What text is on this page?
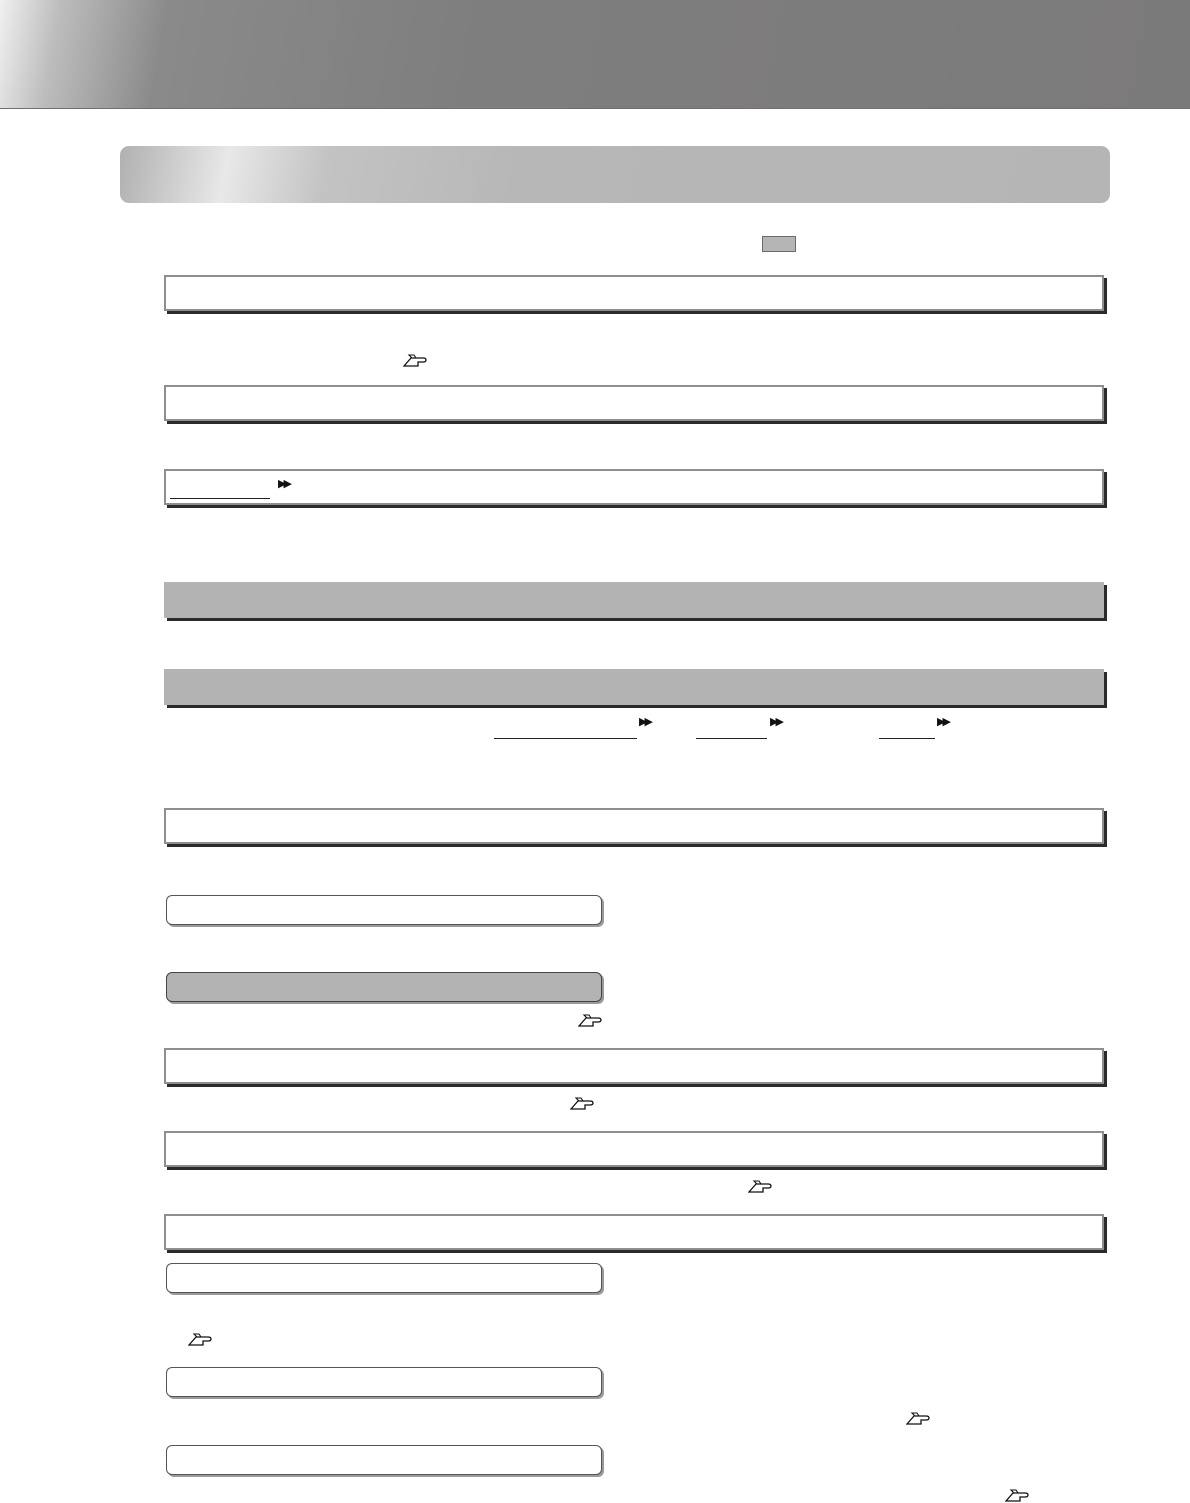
▶▶
▶▶	▶▶	▶▶
